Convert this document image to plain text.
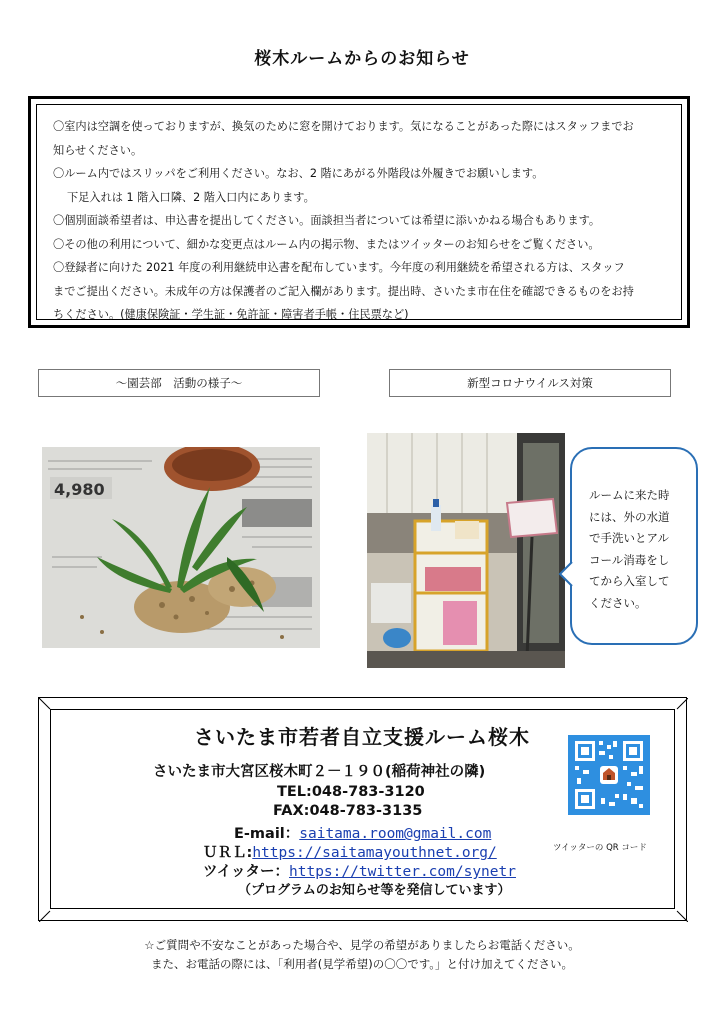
桜木ルームからのお知らせ
〇室内は空調を使っておりますが、換気のために窓を開けております。気になることがあった際にはスタッフまでお
知らせください。
〇ルーム内ではスリッパをご利用ください。なお、2 階にあがる外階段は外履きでお願いします。
下足入れは 1 階入口隣、2 階入口内にあります。
〇個別面談希望者は、申込書を提出してください。面談担当者については希望に添いかねる場合もあります。
〇その他の利用について、細かな変更点はルーム内の掲示物、またはツイッターのお知らせをご覧ください。
〇登録者に向けた 2021 年度の利用継続申込書を配布しています。今年度の利用継続を希望される方は、スタッフ
までご提出ください。未成年の方は保護者のご記入欄があります。提出時、さいたま市在住を確認できるものをお持
ちください。(健康保険証・学生証・免許証・障害者手帳・住民票など)
～園芸部　活動の様子～	新型コロナウイルス対策
4,980	ルームに来た時
には、外の水道
で手洗いとアル
コール消毒をし
てから入室して
ください。
さいたま市若者自立支援ルーム桜木
さいたま市大宮区桜木町２－１９０(稲荷神社の隣)
TEL:048-783-3120
FAX:048-783-3135
E-mail：saitama.room@gmail.com
ＵＲＬ:https://saitamayouthnet.org/
ツイッター：https://twitter.com/synetr
（プログラムのお知らせ等を発信しています）
ツイッターの QR コード
☆ご質問や不安なことがあった場合や、見学の希望がありましたらお電話ください。
また、お電話の際には、「利用者(見学希望)の〇〇です。」と付け加えてください。
